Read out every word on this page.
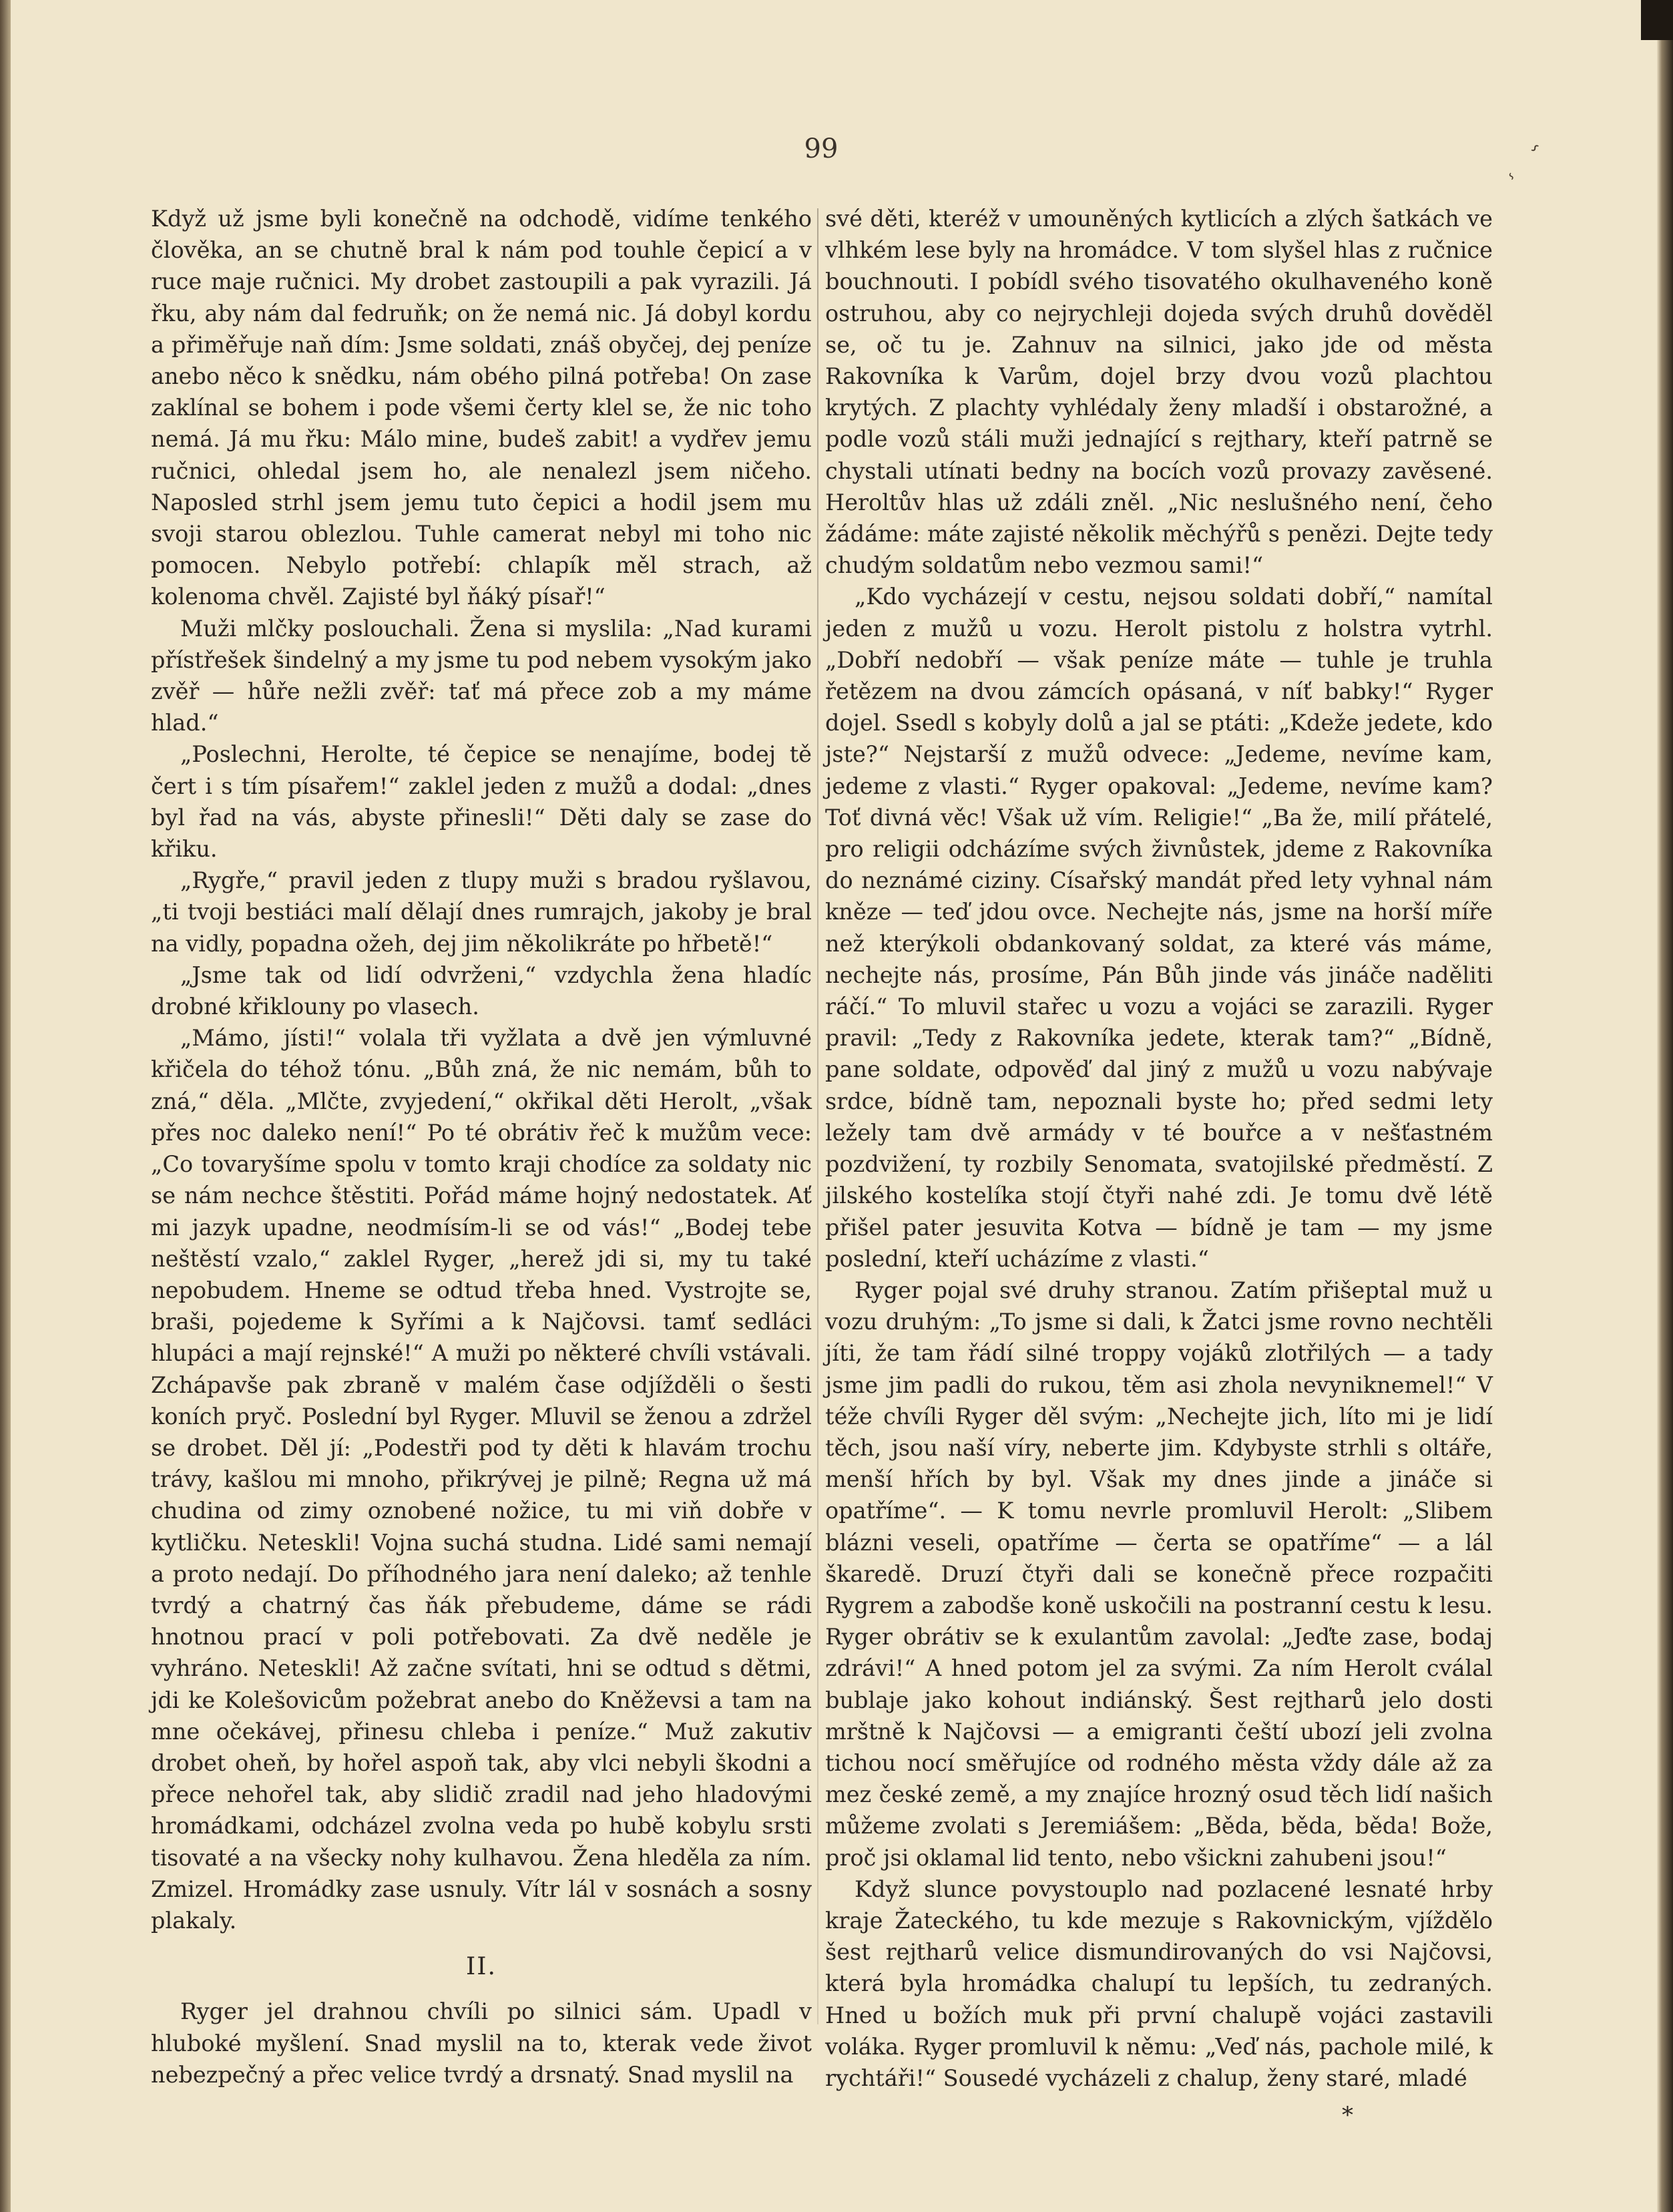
ⸯ
ⸯ
99

Když už jsme byli konečně na odchodě, vidíme tenkého člověka, an se chutně bral k nám pod touhle čepicí a v ruce maje ručnici. My drobet zastoupili a pak vyrazili. Já řku, aby nám dal fedruňk; on že nemá nic. Já dobyl kordu a přiměřuje naň dím: Jsme soldati, znáš obyčej, dej peníze anebo něco k snědku, nám obého pilná potřeba! On zase zaklínal se bohem i pode všemi čerty klel se, že nic toho nemá. Já mu řku: Málo mine, budeš zabit! a vydřev jemu ručnici, ohledal jsem ho, ale nenalezl jsem ničeho. Naposled strhl jsem jemu tuto čepici a hodil jsem mu svoji starou oblezlou. Tuhle camerat nebyl mi toho nic pomocen. Nebylo potřebí: chlapík měl strach, až kolenoma chvěl. Zajisté byl ňáký písař!“

Muži mlčky poslouchali. Žena si myslila: „Nad kurami přístřešek šindelný a my jsme tu pod nebem vysokým jako zvěř — hůře nežli zvěř: tať má přece zob a my máme hlad.“

„Poslechni, Herolte, té čepice se nenajíme, bodej tě čert i s tím písařem!“ zaklel jeden z mužů a dodal: „dnes byl řad na vás, abyste přinesli!“ Děti daly se zase do křiku.

„Rygře,“ pravil jeden z tlupy muži s bradou ryšlavou, „ti tvoji bestiáci malí dělají dnes rumrajch, jakoby je bral na vidly, popadna ožeh, dej jim několikráte po hřbetě!“

„Jsme tak od lidí odvrženi,“ vzdychla žena hladíc drobné křiklouny po vlasech.

„Mámo, jísti!“ volala tři vyžlata a dvě jen výmluvné křičela do téhož tónu. „Bůh zná, že nic nemám, bůh to zná,“ děla. „Mlčte, zvyjedení,“ okřikal děti Herolt, „však přes noc daleko není!“ Po té obrátiv řeč k mužům vece: „Co tovaryšíme spolu v tomto kraji chodíce za soldaty nic se nám nechce štěstiti. Pořád máme hojný nedostatek. Ať mi jazyk upadne, neodmísím-li se od vás!“ „Bodej tebe neštěstí vzalo,“ zaklel Ryger, „herež jdi si, my tu také nepobudem. Hneme se odtud třeba hned. Vystrojte se, braši, pojedeme k Syřími a k Najčovsi. tamť sedláci hlupáci a mají rejnské!“ A muži po některé chvíli vstávali. Zchápavše pak zbraně v malém čase odjížděli o šesti koních pryč. Poslední byl Ryger. Mluvil se ženou a zdržel se drobet. Děl jí: „Podestři pod ty děti k hlavám trochu trávy, kašlou mi mnoho, přikrývej je pilně; Regna už má chudina od zimy oznobené nožice, tu mi viň dobře v kytličku. Neteskli! Vojna suchá studna. Lidé sami nemají a proto nedají. Do příhodného jara není daleko; až tenhle tvrdý a chatrný čas ňák přebudeme, dáme se rádi hnotnou prací v poli potřebovati. Za dvě neděle je vyhráno. Neteskli! Až začne svítati, hni se odtud s dětmi, jdi ke Kolešovicům požebrat anebo do Kněževsi a tam na mne očekávej, přinesu chleba i peníze.“ Muž zakutiv drobet oheň, by hořel aspoň tak, aby vlci nebyli škodni a přece nehořel tak, aby slidič zradil nad jeho hladovými hromádkami, odcházel zvolna veda po hubě kobylu srsti tisovaté a na všecky nohy kulhavou. Žena hleděla za ním. Zmizel. Hromádky zase usnuly. Vítr lál v sosnách a sosny plakaly.

II.

Ryger jel drahnou chvíli po silnici sám. Upadl v hluboké myšlení. Snad myslil na to, kterak vede život nebezpečný a přec velice tvrdý a drsnatý. Snad myslil na

své děti, kteréž v umouněných kytlicích a zlých šatkách ve vlhkém lese byly na hromádce. V tom slyšel hlas z ručnice bouchnouti. I pobídl svého tisovatého okulhaveného koně ostruhou, aby co nejrychleji dojeda svých druhů dověděl se, oč tu je. Zahnuv na silnici, jako jde od města Rakovníka k Varům, dojel brzy dvou vozů plachtou krytých. Z plachty vyhlédaly ženy mladší i obstarožné, a podle vozů stáli muži jednající s rejthary, kteří patrně se chystali utínati bedny na bocích vozů provazy zavěsené. Heroltův hlas už zdáli zněl. „Nic neslušného není, čeho žádáme: máte zajisté několik měchýřů s penězi. Dejte tedy chudým soldatům nebo vezmou sami!“

„Kdo vycházejí v cestu, nejsou soldati dobří,“ namítal jeden z mužů u vozu. Herolt pistolu z holstra vytrhl. „Dobří nedobří — však peníze máte — tuhle je truhla řetězem na dvou zámcích opásaná, v níť babky!“ Ryger dojel. Ssedl s kobyly dolů a jal se ptáti: „Kdeže jedete, kdo jste?“ Nejstarší z mužů odvece: „Jedeme, nevíme kam, jedeme z vlasti.“ Ryger opakoval: „Jedeme, nevíme kam? Toť divná věc! Však už vím. Religie!“ „Ba že, milí přátelé, pro religii odcházíme svých živnůstek, jdeme z Rakovníka do neznámé ciziny. Císařský mandát před lety vyhnal nám kněze — teď jdou ovce. Nechejte nás, jsme na horší míře než kterýkoli obdankovaný soldat, za které vás máme, nechejte nás, prosíme, Pán Bůh jinde vás jináče naděliti ráčí.“ To mluvil stařec u vozu a vojáci se zarazili. Ryger pravil: „Tedy z Rakovníka jedete, kterak tam?“ „Bídně, pane soldate, odpověď dal jiný z mužů u vozu nabývaje srdce, bídně tam, nepoznali byste ho; před sedmi lety ležely tam dvě armády v té bouřce a v nešťastném pozdvižení, ty rozbily Senomata, svatojilské předměstí. Z jilského kostelíka stojí čtyři nahé zdi. Je tomu dvě létě přišel pater jesuvita Kotva — bídně je tam — my jsme poslední, kteří ucházíme z vlasti.“

Ryger pojal své druhy stranou. Zatím přišeptal muž u vozu druhým: „To jsme si dali, k Žatci jsme rovno nechtěli jíti, že tam řádí silné troppy vojáků zlotřilých — a tady jsme jim padli do rukou, těm asi zhola nevyniknemel!“ V téže chvíli Ryger děl svým: „Nechejte jich, líto mi je lidí těch, jsou naší víry, neberte jim. Kdybyste strhli s oltáře, menší hřích by byl. Však my dnes jinde a jináče si opatříme“. — K tomu nevrle promluvil Herolt: „Slibem blázni veseli, opatříme — čerta se opatříme“ — a lál škaredě. Druzí čtyři dali se konečně přece rozpačiti Rygrem a zabodše koně uskočili na postranní cestu k lesu. Ryger obrátiv se k exulantům zavolal: „Jeďte zase, bodaj zdrávi!“ A hned potom jel za svými. Za ním Herolt cválal bublaje jako kohout indiánský. Šest rejtharů jelo dosti mrštně k Najčovsi — a emigranti čeští ubozí jeli zvolna tichou nocí směřujíce od rodného města vždy dále až za mez české země, a my znajíce hrozný osud těch lidí našich můžeme zvolati s Jeremiášem: „Běda, běda, běda! Bože, proč jsi oklamal lid tento, nebo všickni zahubeni jsou!“

Když slunce povystouplo nad pozlacené lesnaté hrby kraje Žateckého, tu kde mezuje s Rakovnickým, vjíždělo šest rejtharů velice dismundirovaných do vsi Najčovsi, která byla hromádka chalupí tu lepších, tu zedraných. Hned u božích muk při první chalupě vojáci zastavili voláka. Ryger promluvil k němu: „Veď nás, pachole milé, k rychtáři!“ Sousedé vycházeli z chalup, ženy staré, mladé

*
